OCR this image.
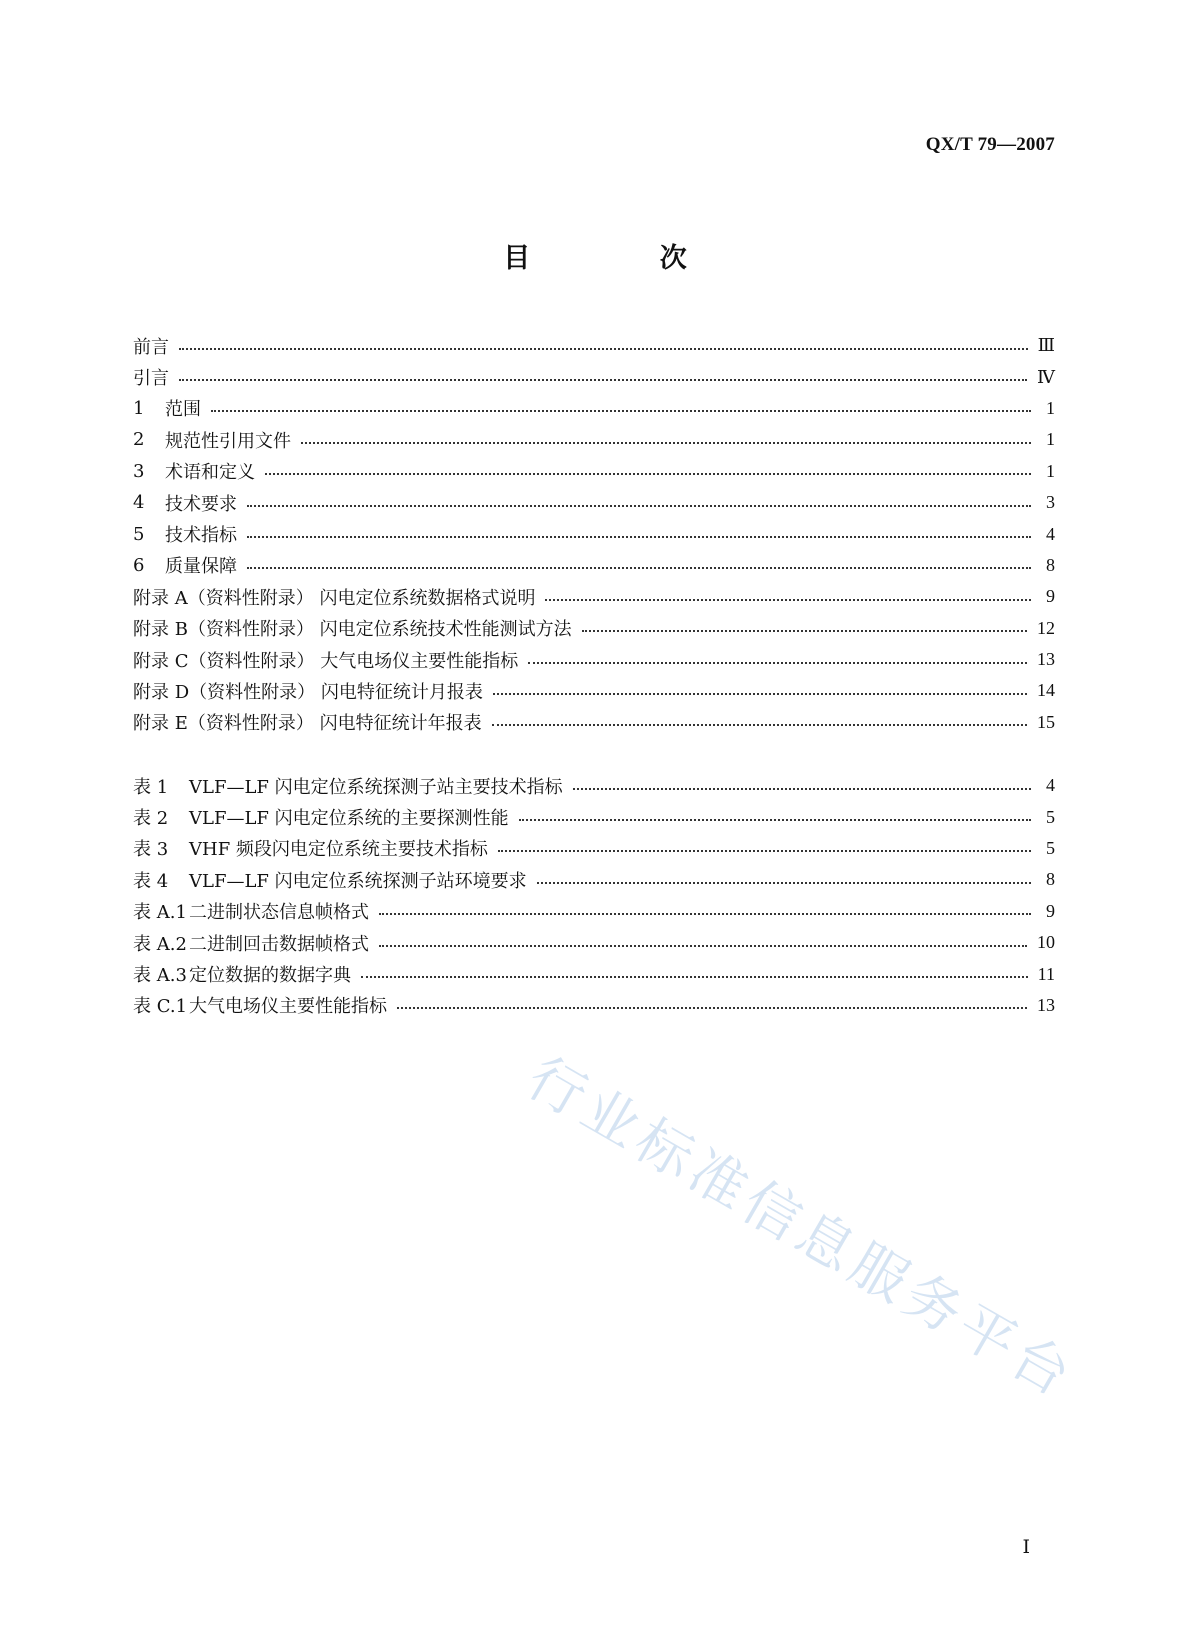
QX/T 79—2007
目 次
前言	Ⅲ
引言	Ⅳ
1	范围	1
2	规范性引用文件	1
3	术语和定义	1
4	技术要求	3
5	技术指标	4
6	质量保障	8
附录 A（资料性附录） 闪电定位系统数据格式说明	9
附录 B（资料性附录） 闪电定位系统技术性能测试方法	12
附录 C（资料性附录） 大气电场仪主要性能指标	13
附录 D（资料性附录） 闪电特征统计月报表	14
附录 E（资料性附录） 闪电特征统计年报表	15
表 1	VLF—LF 闪电定位系统探测子站主要技术指标	4
表 2	VLF—LF 闪电定位系统的主要探测性能	5
表 3	VHF 频段闪电定位系统主要技术指标	5
表 4	VLF—LF 闪电定位系统探测子站环境要求	8
表 A.1 二进制状态信息帧格式	9
表 A.2 二进制回击数据帧格式	10
表 A.3 定位数据的数据字典	11
表 C.1 大气电场仪主要性能指标	13
行业标准信息服务平台
Ⅰ
